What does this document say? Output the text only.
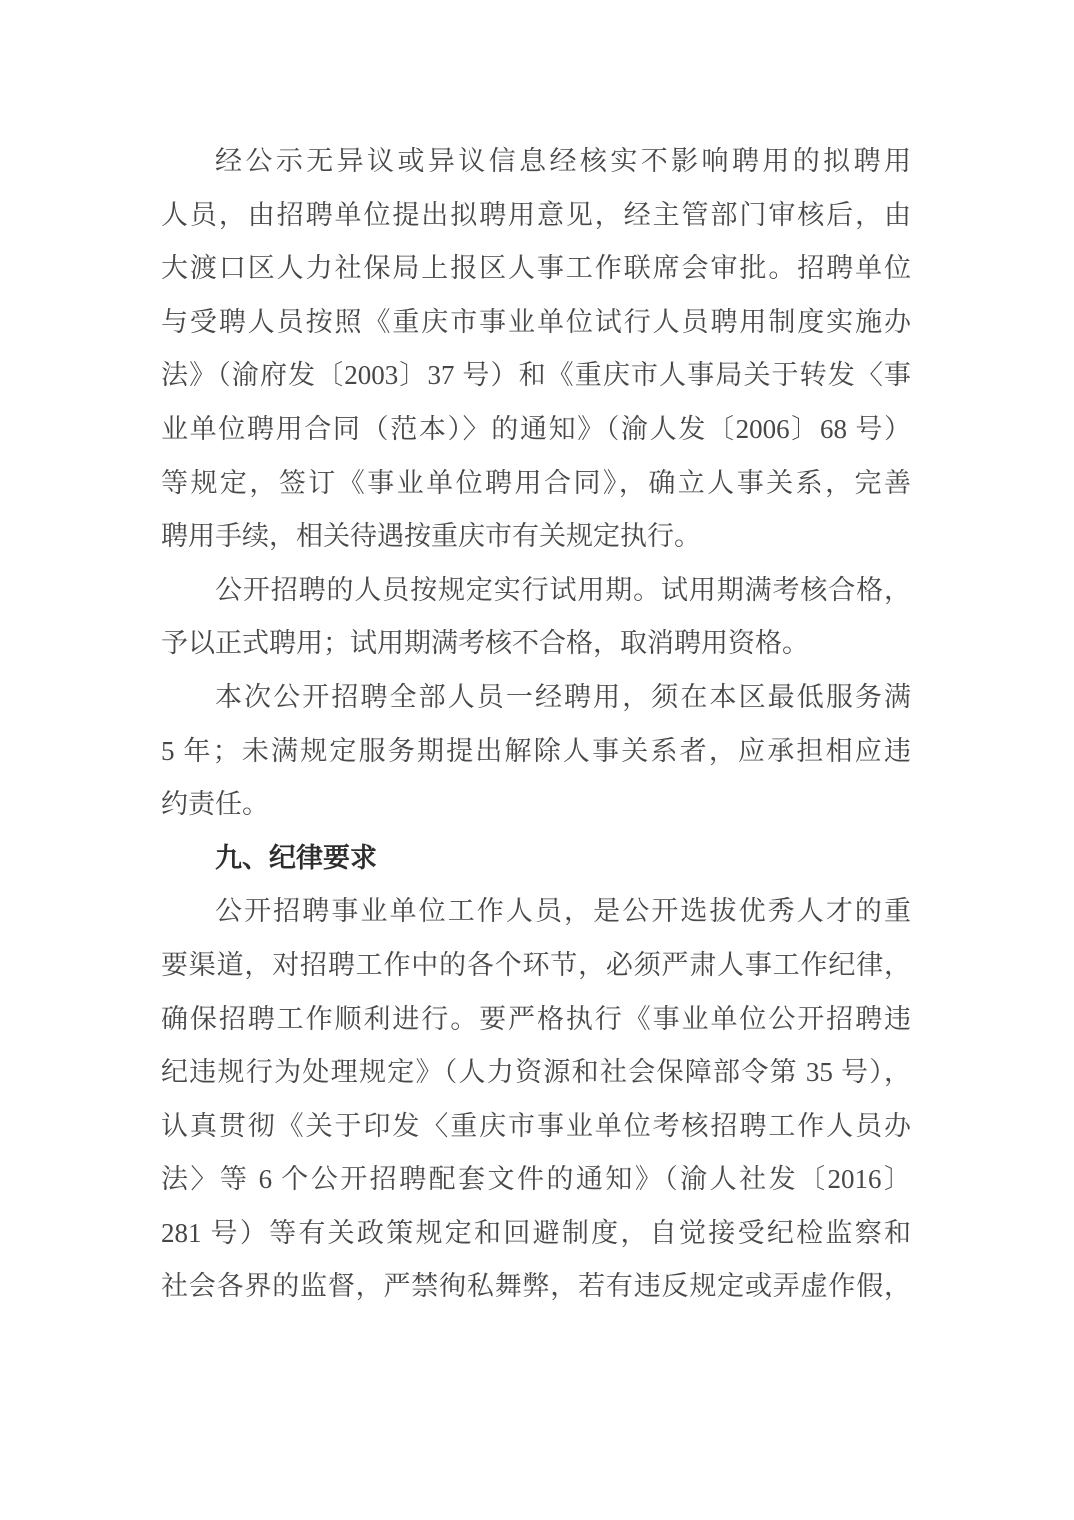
经公示无异议或异议信息经核实不影响聘用的拟聘用
人员，由招聘单位提出拟聘用意见，经主管部门审核后，由
大渡口区人力社保局上报区人事工作联席会审批。招聘单位
与受聘人员按照《重庆市事业单位试行人员聘用制度实施办
法》（渝府发〔2003〕37 号）和《重庆市人事局关于转发〈事
业单位聘用合同（范本）〉的通知》（渝人发〔2006〕68 号）
等规定，签订《事业单位聘用合同》，确立人事关系，完善
聘用手续，相关待遇按重庆市有关规定执行。
公开招聘的人员按规定实行试用期。试用期满考核合格，
予以正式聘用；试用期满考核不合格，取消聘用资格。
本次公开招聘全部人员一经聘用，须在本区最低服务满
5 年；未满规定服务期提出解除人事关系者，应承担相应违
约责任。
九、纪律要求
公开招聘事业单位工作人员，是公开选拔优秀人才的重
要渠道，对招聘工作中的各个环节，必须严肃人事工作纪律，
确保招聘工作顺利进行。要严格执行《事业单位公开招聘违
纪违规行为处理规定》（人力资源和社会保障部令第 35 号），
认真贯彻《关于印发〈重庆市事业单位考核招聘工作人员办
法〉等 6 个公开招聘配套文件的通知》（渝人社发〔2016〕
281 号）等有关政策规定和回避制度，自觉接受纪检监察和
社会各界的监督，严禁徇私舞弊，若有违反规定或弄虚作假，
